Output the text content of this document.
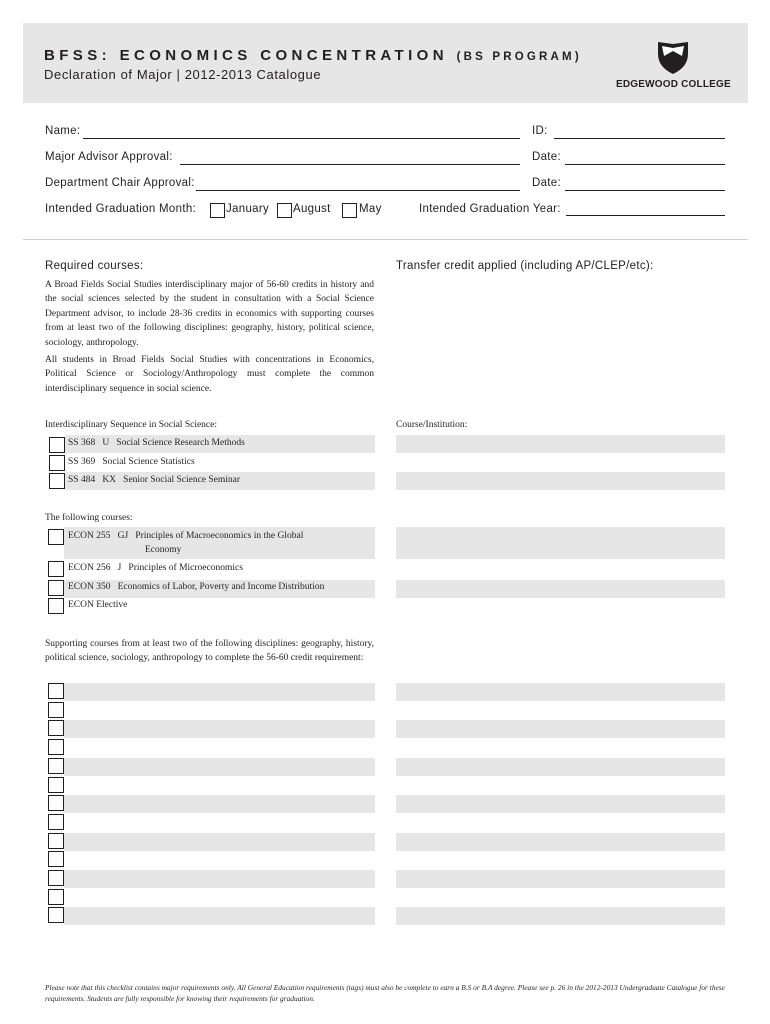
BFSS: ECONOMICS CONCENTRATION (BS PROGRAM)
Declaration of Major | 2012-2013 Catalogue
EDGEWOOD COLLEGE
Name:	ID:
Major Advisor Approval:	Date:
Department Chair Approval:	Date:
Intended Graduation Month:	January August May	Intended Graduation Year:
Required courses:	Transfer credit applied (including AP/CLEP/etc):
A Broad Fields Social Studies interdisciplinary major of 56-60 credits in history and the social sciences selected by the student in consultation with a Social Science Department advisor, to include 28-36 credits in economics with supporting courses from at least two of the following disciplines: geography, history, political science, sociology, anthropology.
All students in Broad Fields Social Studies with concentrations in Economics, Political Science or Sociology/Anthropology must complete the common interdisciplinary sequence in social science.
Interdisciplinary Sequence in Social Science:	Course/Institution:
SS 368   U   Social Science Research Methods
SS 369   Social Science Statistics
SS 484   KX   Senior Social Science Seminar
The following courses:
ECON 255   GJ   Principles of Macroeconomics in the Global
Economy
ECON 256   J   Principles of Microeconomics
ECON 350   Economics of Labor, Poverty and Income Distribution
ECON Elective
Supporting courses from at least two of the following disciplines: geography, history, political science, sociology, anthropology to complete the 56-60 credit requirement:
Please note that this checklist contains major requirements only. All General Education requirements (tags) must also be complete to earn a B.S or B.A degree. Please see p. 26 in the 2012-2013 Undergraduate Catalogue for these requirements. Students are fully responsible for knowing their requirements for graduation.
